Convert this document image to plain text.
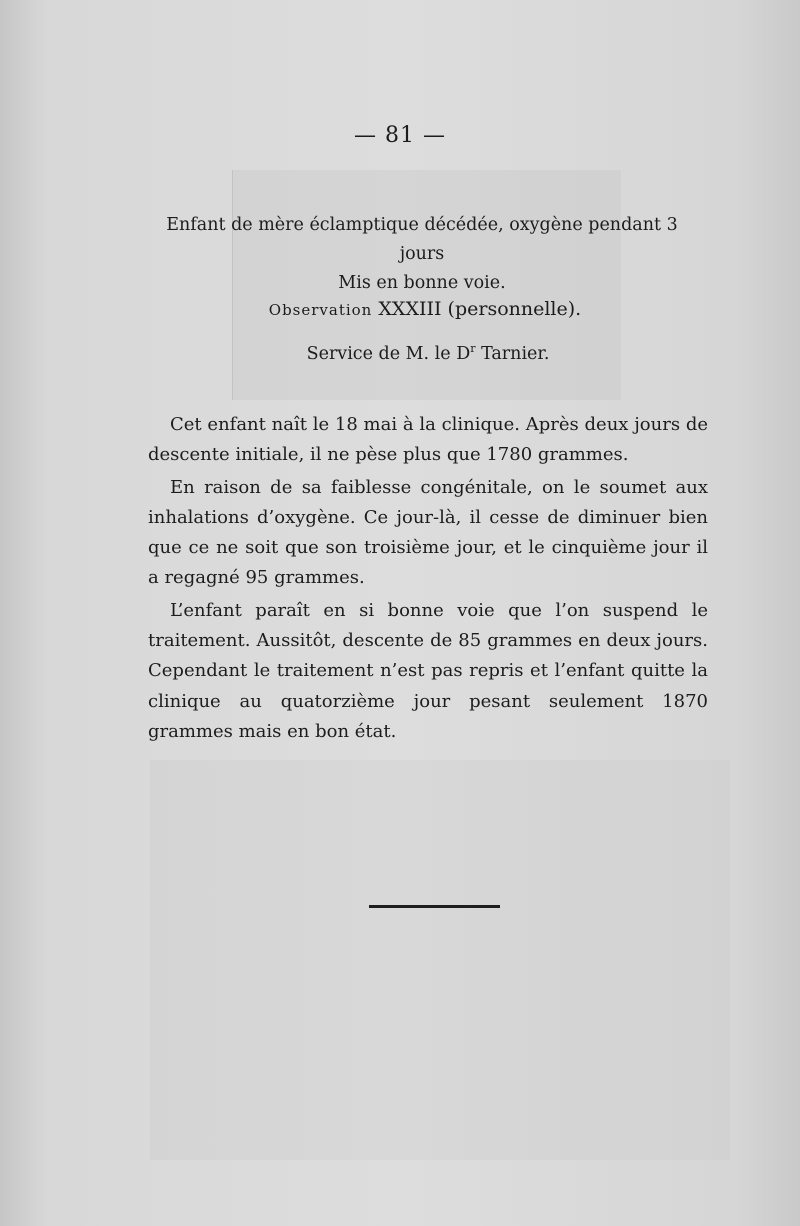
— 81 —
Enfant de mère éclamptique décédée, oxygène pendant 3 jours
Mis en bonne voie.
Observation XXXIII (personnelle).
Service de M. le $D^r$ Tarnier.

Cet enfant naît le 18 mai à la clinique. Après deux jours de descente initiale, il ne pèse plus que 1780 grammes.

En raison de sa faiblesse congénitale, on le soumet aux inhalations d’oxygène. Ce jour-là, il cesse de diminuer bien que ce ne soit que son troisième jour, et le cinquième jour il a regagné 95 grammes.

L’enfant paraît en si bonne voie que l’on suspend le traitement. Aussitôt, descente de 85 grammes en deux jours. Cependant le traitement n’est pas repris et l’enfant quitte la clinique au quatorzième jour pesant seulement 1870 grammes mais en bon état.
